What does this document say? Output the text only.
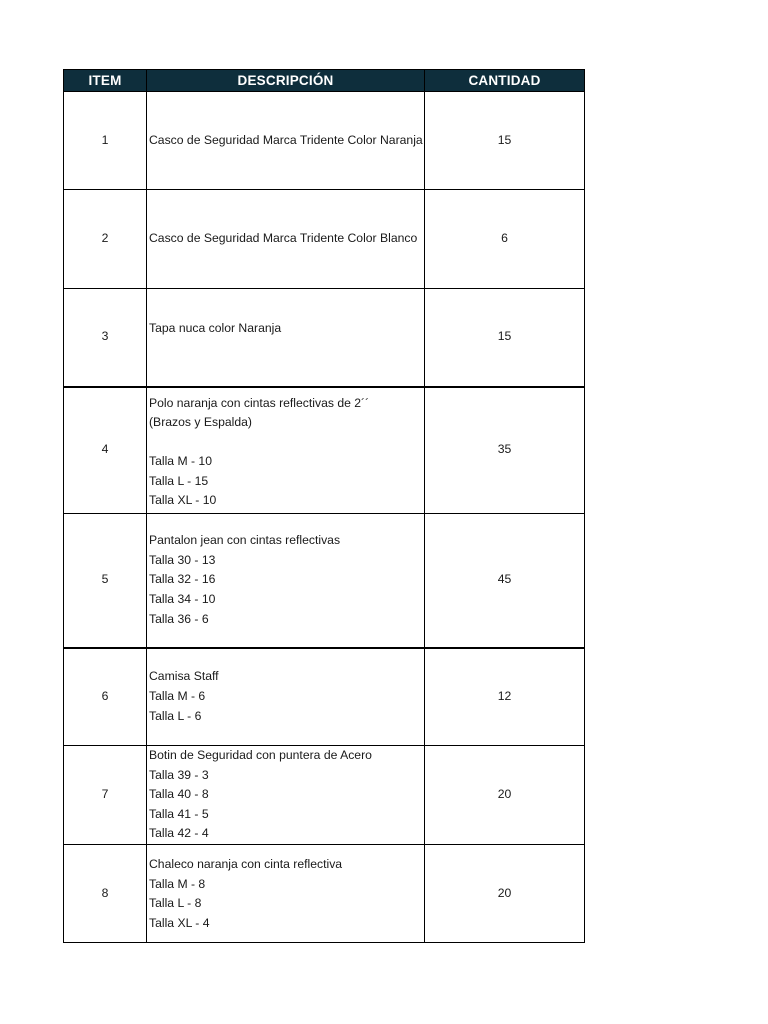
ITEM	DESCRIPCIÓN	CANTIDAD
1	Casco de Seguridad Marca Tridente Color Naranja	15
2	Casco de Seguridad Marca Tridente Color Blanco	6
3	Tapa nuca color Naranja	15
4	Polo naranja con cintas reflectivas de 2´´
(Brazos y Espalda)
Talla M - 10
Talla L - 15
Talla XL - 10	35
5	Pantalon jean con cintas reflectivas
Talla 30 - 13
Talla 32 - 16
Talla 34 - 10
Talla 36 - 6	45
6	Camisa Staff
Talla M - 6
Talla L - 6	12
7	Botin de Seguridad con puntera de Acero
Talla 39 - 3
Talla 40 - 8
Talla 41 - 5
Talla 42 - 4	20
8	Chaleco naranja con cinta reflectiva
Talla M - 8
Talla L - 8
Talla XL - 4	20
